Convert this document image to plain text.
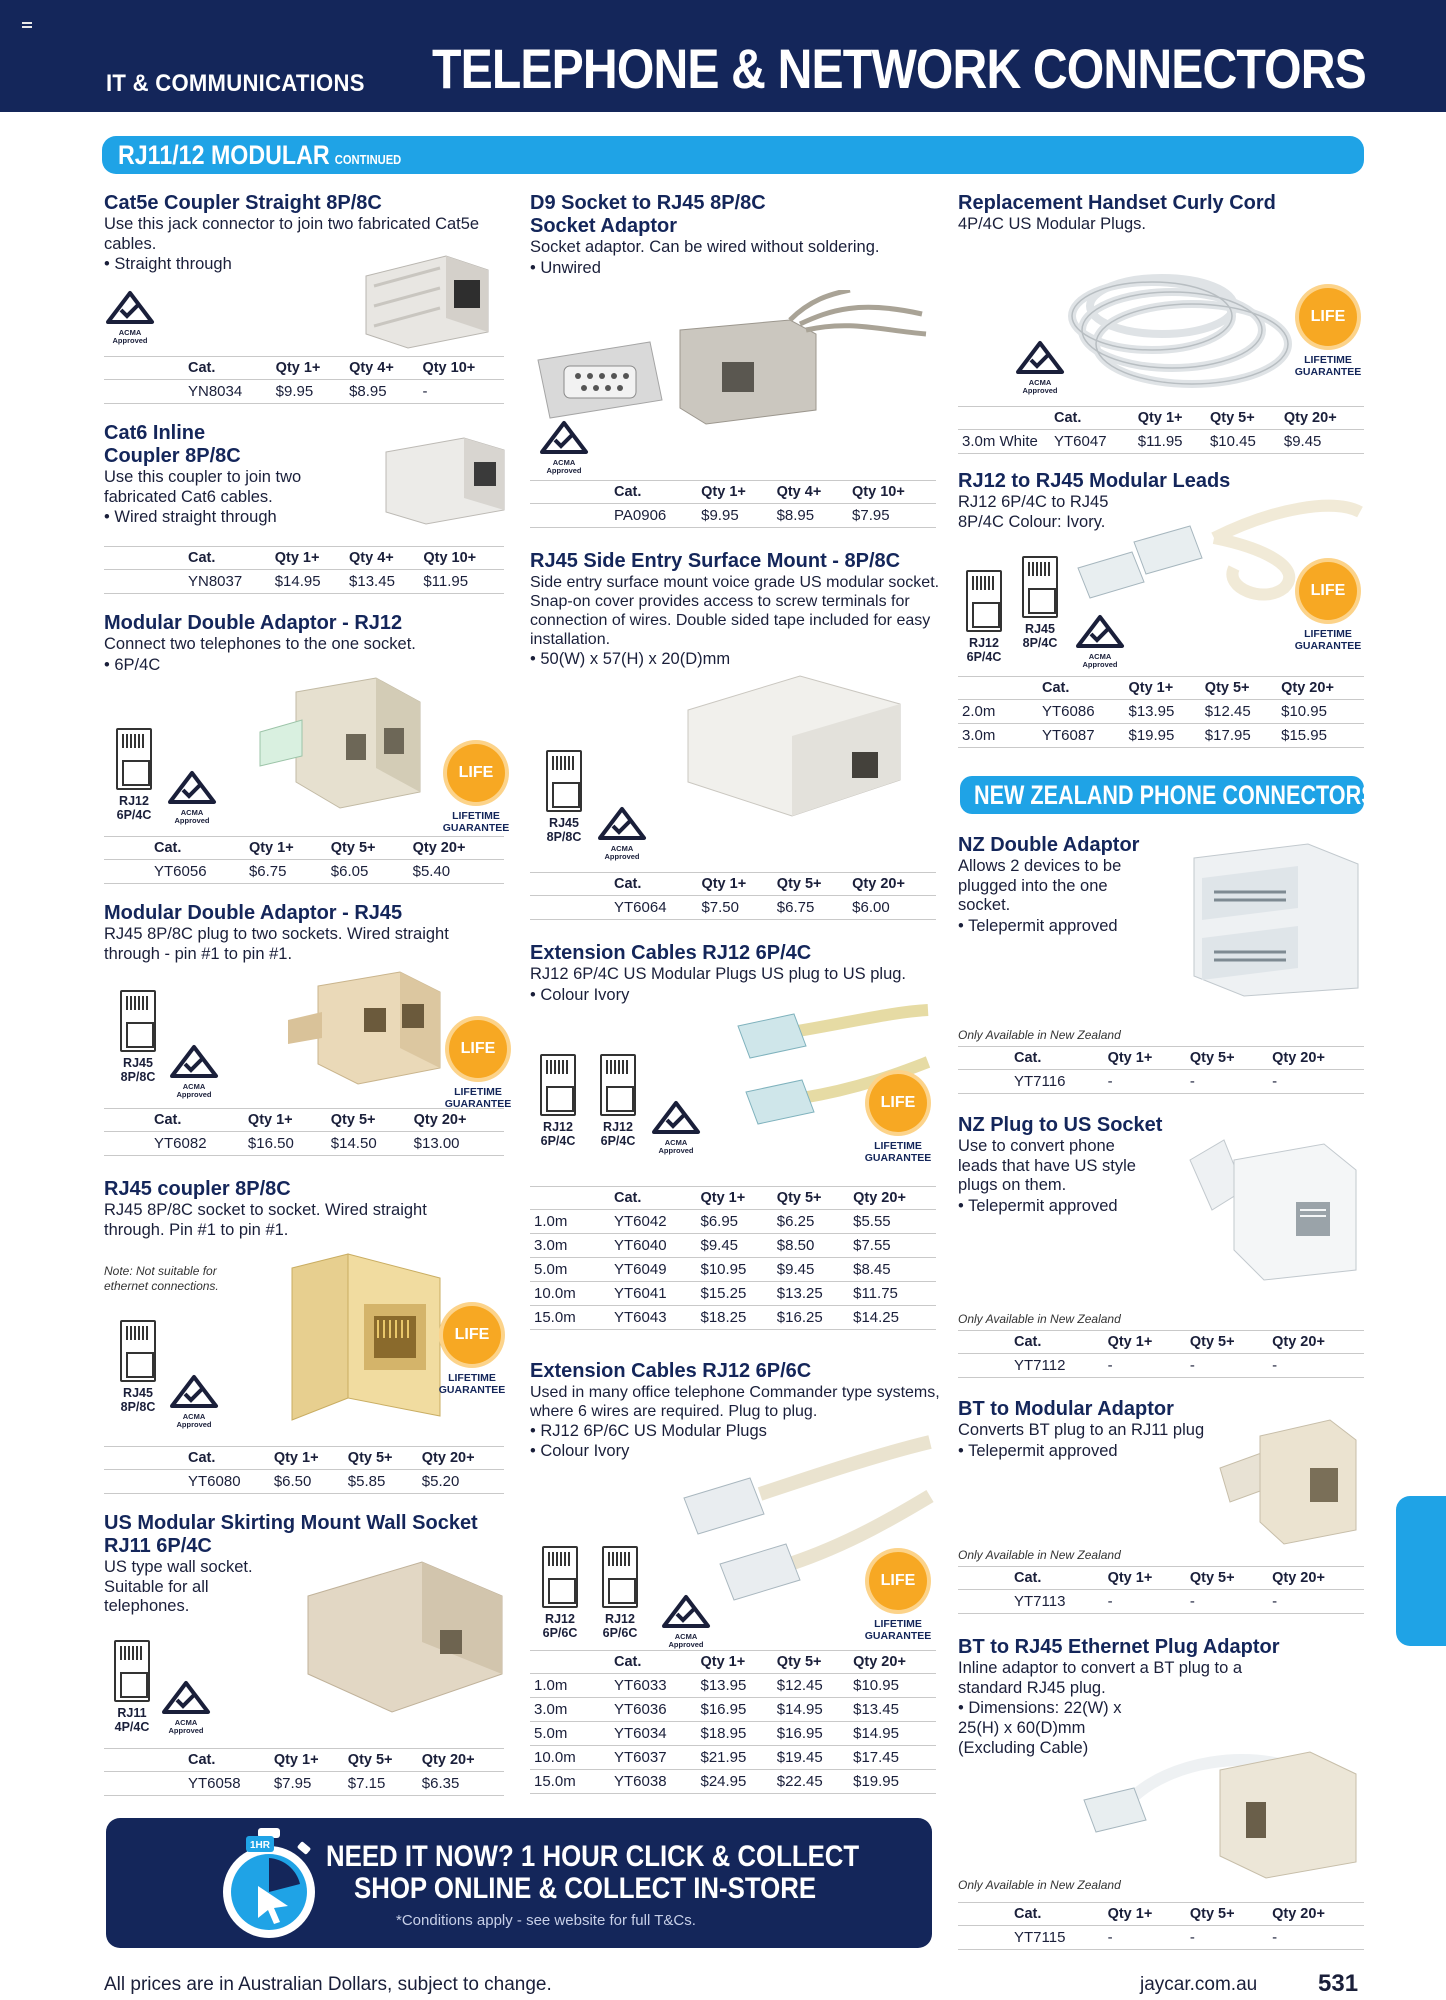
IT & COMMUNICATIONS TELEPHONE & NETWORK CONNECTORS
RJ11/12 MODULAR CONTINUED
Cat5e Coupler Straight 8P/8C

Use this jack connector to join two fabricated Cat5e cables.

• Straight through
ACMA Approved
	Cat.	Qty 1+	Qty 4+	Qty 10+
	YN8034	$9.95	$8.95	-
Cat6 Inline
Coupler 8P/8C

Use this coupler to join two fabricated Cat6 cables.

• Wired straight through
	Cat.	Qty 1+	Qty 4+	Qty 10+
	YN8037	$14.95	$13.45	$11.95
Modular Double Adaptor - RJ12

Connect two telephones to the one socket.

• 6P/4C
RJ12 6P/4C	ACMA Approved
LIFE
LIFETIME GUARANTEE
	Cat.	Qty 1+	Qty 5+	Qty 20+
	YT6056	$6.75	$6.05	$5.40
Modular Double Adaptor - RJ45

RJ45 8P/8C plug to two sockets. Wired straight through - pin #1 to pin #1.

RJ45 8P/8C
ACMA Approved
LIFE
LIFETIME GUARANTEE
	Cat.	Qty 1+	Qty 5+	Qty 20+
	YT6082	$16.50	$14.50	$13.00
RJ45 coupler 8P/8C

RJ45 8P/8C socket to socket. Wired straight through. Pin #1 to pin #1.

Note: Not suitable for ethernet connections.

RJ45 8P/8C
ACMA Approved
LIFE
LIFETIME GUARANTEE
	Cat.	Qty 1+	Qty 5+	Qty 20+
	YT6080	$6.50	$5.85	$5.20
US Modular Skirting Mount Wall Socket
RJ11 6P/4C

US type wall socket. Suitable for all telephones.

RJ11 4P/4C	ACMA Approved
	Cat.	Qty 1+	Qty 5+	Qty 20+
	YT6058	$7.95	$7.15	$6.35
D9 Socket to RJ45 8P/8C
Socket Adaptor

Socket adaptor. Can be wired without soldering.

• Unwired
ACMA Approved
	Cat.	Qty 1+	Qty 4+	Qty 10+
	PA0906	$9.95	$8.95	$7.95
RJ45 Side Entry Surface Mount - 8P/8C

Side entry surface mount voice grade US modular socket. Snap-on cover provides access to screw terminals for connection of wires. Double sided tape included for easy installation.

• 50(W) x 57(H) x 20(D)mm
RJ45 8P/8C
ACMA Approved
	Cat.	Qty 1+	Qty 5+	Qty 20+
	YT6064	$7.50	$6.75	$6.00
Extension Cables RJ12 6P/4C

RJ12 6P/4C US Modular Plugs US plug to US plug.

• Colour Ivory
RJ12 6P/4C
RJ12 6P/4C	ACMA Approved
LIFE
LIFETIME GUARANTEE
	Cat.	Qty 1+	Qty 5+	Qty 20+
1.0m	YT6042	$6.95	$6.25	$5.55
3.0m	YT6040	$9.45	$8.50	$7.55
5.0m	YT6049	$10.95	$9.45	$8.45
10.0m	YT6041	$15.25	$13.25	$11.75
15.0m	YT6043	$18.25	$16.25	$14.25
Extension Cables RJ12 6P/6C

Used in many office telephone Commander type systems, where 6 wires are required. Plug to plug.

• RJ12 6P/6C US Modular Plugs
• Colour Ivory
RJ12 6P/6C
RJ12 6P/6C	ACMA Approved
LIFE
LIFETIME GUARANTEE
	Cat.	Qty 1+	Qty 5+	Qty 20+
1.0m	YT6033	$13.95	$12.45	$10.95
3.0m	YT6036	$16.95	$14.95	$13.45
5.0m	YT6034	$18.95	$16.95	$14.95
10.0m	YT6037	$21.95	$19.45	$17.45
15.0m	YT6038	$24.95	$22.45	$19.95
Replacement Handset Curly Cord

4P/4C US Modular Plugs.

ACMA Approved
LIFE
LIFETIME GUARANTEE
	Cat.	Qty 1+	Qty 5+	Qty 20+
3.0m White	YT6047	$11.95	$10.45	$9.45
RJ12 to RJ45 Modular Leads

RJ12 6P/4C to RJ45 8P/4C Colour: Ivory.

RJ12 6P/4C
RJ45 8P/4C
ACMA Approved
LIFE
LIFETIME GUARANTEE
	Cat.	Qty 1+	Qty 5+	Qty 20+
2.0m	YT6086	$13.95	$12.45	$10.95
3.0m	YT6087	$19.95	$17.95	$15.95
NEW ZEALAND PHONE CONNECTORS
NZ Double Adaptor

Allows 2 devices to be plugged into the one socket.

• Telepermit approved

Only Available in New Zealand

	Cat.	Qty 1+	Qty 5+	Qty 20+
	YT7116	-	-	-
NZ Plug to US Socket

Use to convert phone leads that have US style plugs on them.

• Telepermit approved

Only Available in New Zealand

	Cat.	Qty 1+	Qty 5+	Qty 20+
	YT7112	-	-	-
BT to Modular Adaptor

Converts BT plug to an RJ11 plug

• Telepermit approved

Only Available in New Zealand

	Cat.	Qty 1+	Qty 5+	Qty 20+
	YT7113	-	-	-
BT to RJ45 Ethernet Plug Adaptor

Inline adaptor to convert a BT plug to a standard RJ45 plug.

• Dimensions: 22(W) x 25(H) x 60(D)mm (Excluding Cable)

Only Available in New Zealand

	Cat.	Qty 1+	Qty 5+	Qty 20+
	YT7115	-	-	-
NEED IT NOW? 1 HOUR CLICK & COLLECT
SHOP ONLINE & COLLECT IN-STORE
*Conditions apply - see website for full T&Cs.
1HR
All prices are in Australian Dollars, subject to change.	jaycar.com.au	531
